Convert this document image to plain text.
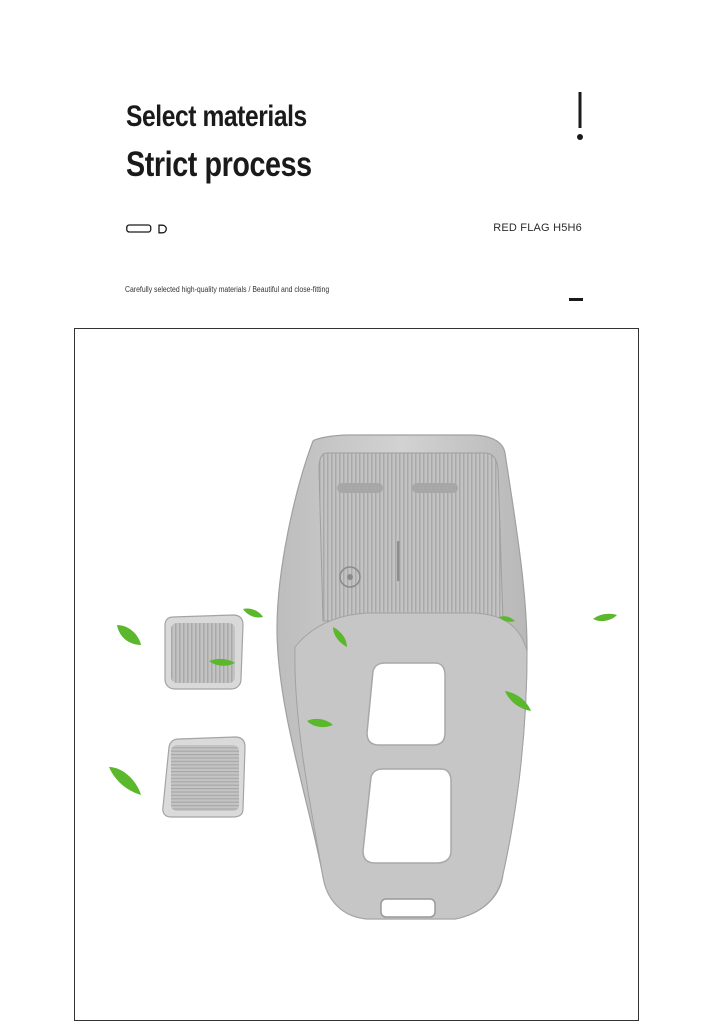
Select materials
Strict process
RED FLAG H5H6
Carefully selected high-quality materials / Beautiful and close-fitting
